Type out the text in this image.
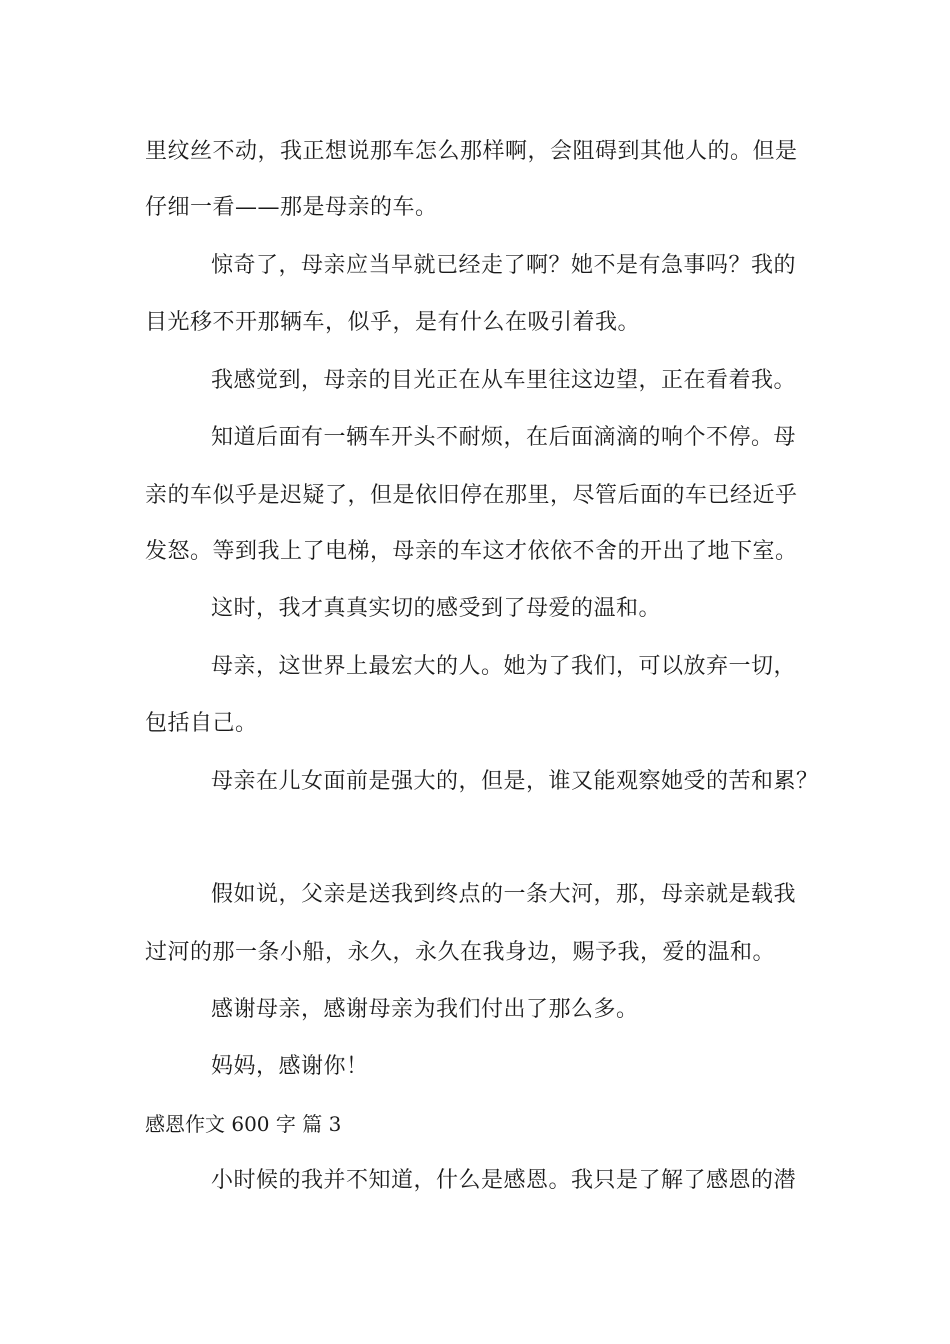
里纹丝不动，我正想说那车怎么那样啊，会阻碍到其他人的。但是
仔细一看——那是母亲的车。
惊奇了，母亲应当早就已经走了啊？她不是有急事吗？我的
目光移不开那辆车，似乎，是有什么在吸引着我。
我感觉到，母亲的目光正在从车里往这边望，正在看着我。
知道后面有一辆车开头不耐烦，在后面滴滴的响个不停。母
亲的车似乎是迟疑了，但是依旧停在那里，尽管后面的车已经近乎
发怒。等到我上了电梯，母亲的车这才依依不舍的开出了地下室。
这时，我才真真实切的感受到了母爱的温和。
母亲，这世界上最宏大的人。她为了我们，可以放弃一切，
包括自己。
母亲在儿女面前是强大的，但是，谁又能观察她受的苦和累？
假如说，父亲是送我到终点的一条大河，那，母亲就是载我
过河的那一条小船，永久，永久在我身边，赐予我，爱的温和。
感谢母亲，感谢母亲为我们付出了那么多。
妈妈，感谢你！
感恩作文 600 字 篇 3
小时候的我并不知道，什么是感恩。我只是了解了感恩的潜
